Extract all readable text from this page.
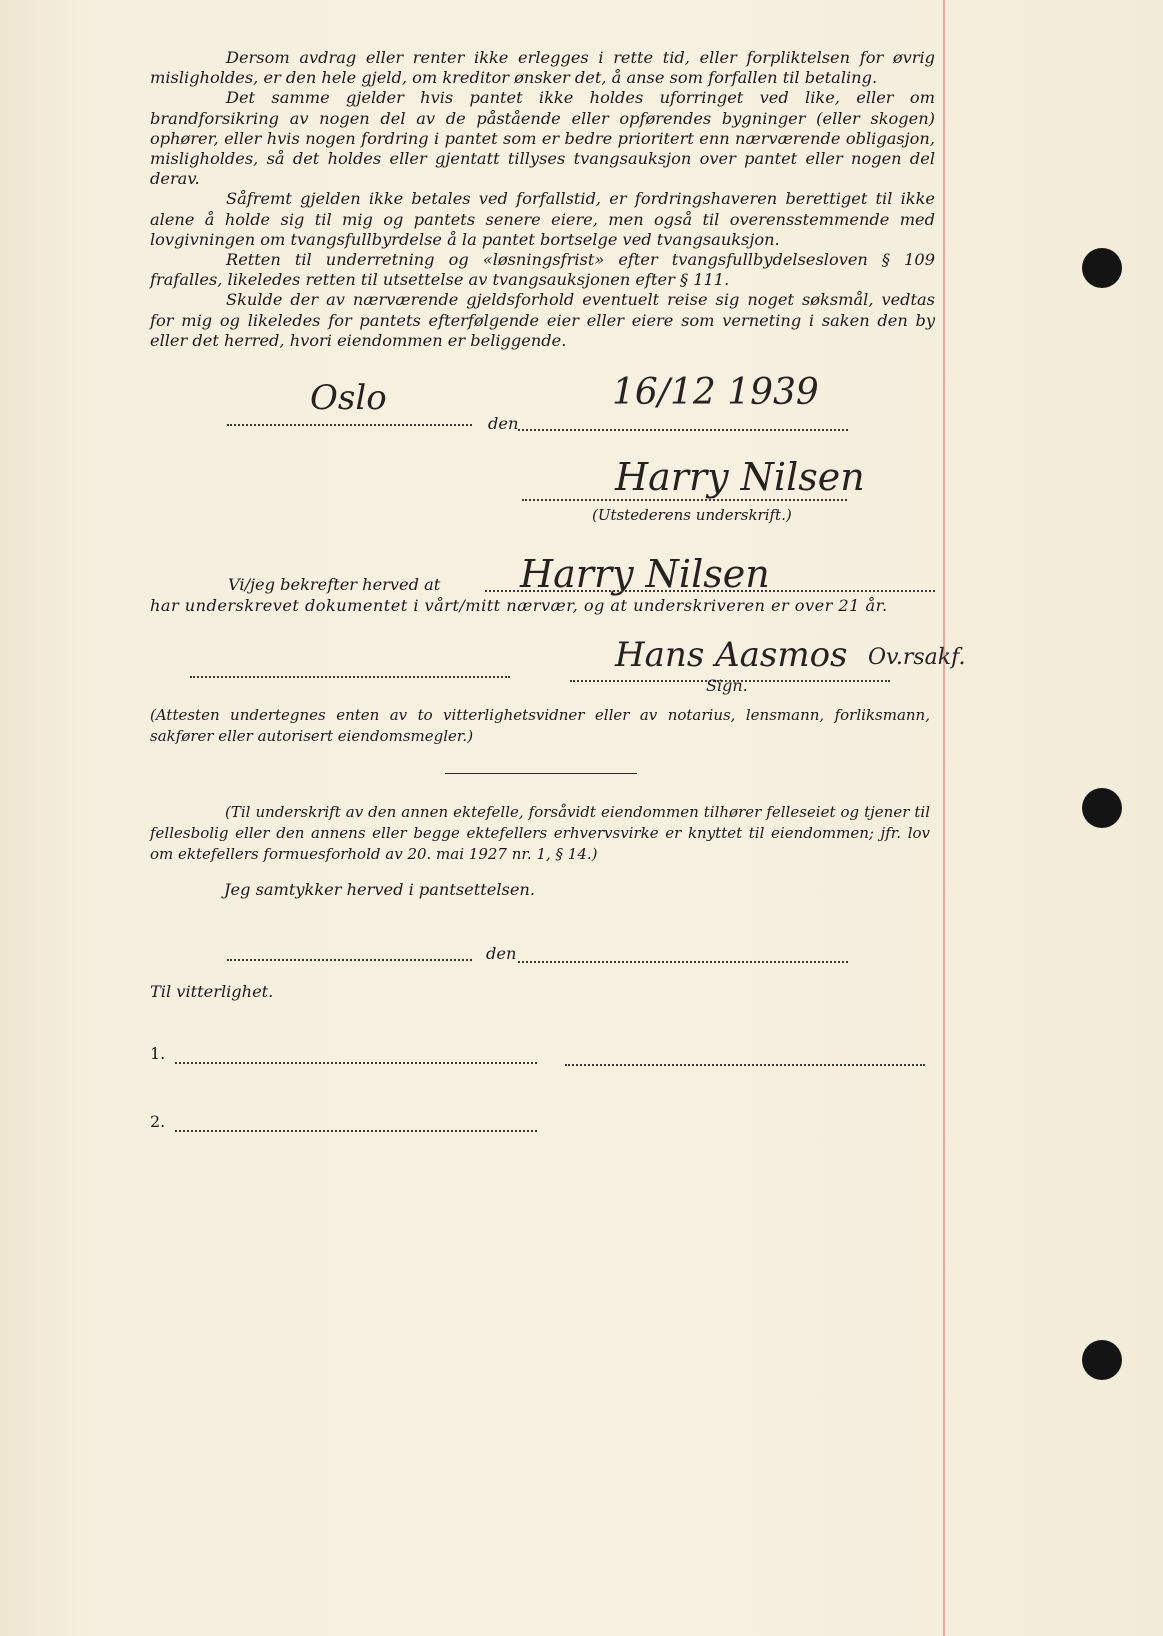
Dersom avdrag eller renter ikke erlegges i rette tid, eller forpliktelsen for øvrig misligholdes, er den hele gjeld, om kreditor ønsker det, å anse som forfallen til betaling.

Det samme gjelder hvis pantet ikke holdes uforringet ved like, eller om brandforsikring av nogen del av de påstående eller opførendes bygninger (eller skogen) ophører, eller hvis nogen fordring i pantet som er bedre prioritert enn nærværende obligasjon, misligholdes, så det holdes eller gjentatt tillyses tvangsauksjon over pantet eller nogen del derav.

Såfremt gjelden ikke betales ved forfallstid, er fordringshaveren berettiget til ikke alene å holde sig til mig og pantets senere eiere, men også til overensstemmende med lovgivningen om tvangsfullbyrdelse å la pantet bortselge ved tvangsauksjon.

Retten til underretning og «løsningsfrist» efter tvangsfullbydelsesloven § 109 frafalles, likeledes retten til utsettelse av tvangsauksjonen efter § 111.

Skulde der av nærværende gjeldsforhold eventuelt reise sig noget søksmål, vedtas for mig og likeledes for pantets efterfølgende eier eller eiere som verneting i saken den by eller det herred, hvori eiendommen er beliggende.

Oslo
den
16/12 1939
Harry Nilsen
(Utstederens underskrift.)
Vi/jeg bekrefter herved at Harry Nilsen
har underskrevet dokumentet i vårt/mitt nærvær, og at underskriveren er over 21 år.
Hans Aasmos Ov.rsakf.
Sign.
(Attesten undertegnes enten av to vitterlighetsvidner eller av notarius, lensmann, forliksmann, sakfører eller autorisert eiendomsmegler.)
(Til underskrift av den annen ektefelle, forsåvidt eiendommen tilhører felleseiet og tjener til fellesbolig eller den annens eller begge ektefellers erhvervsvirke er knyttet til eiendommen; jfr. lov om ektefellers formuesforhold av 20. mai 1927 nr. 1, § 14.)
Jeg samtykker herved i pantsettelsen.
den
Til vitterlighet.
1.
2.
